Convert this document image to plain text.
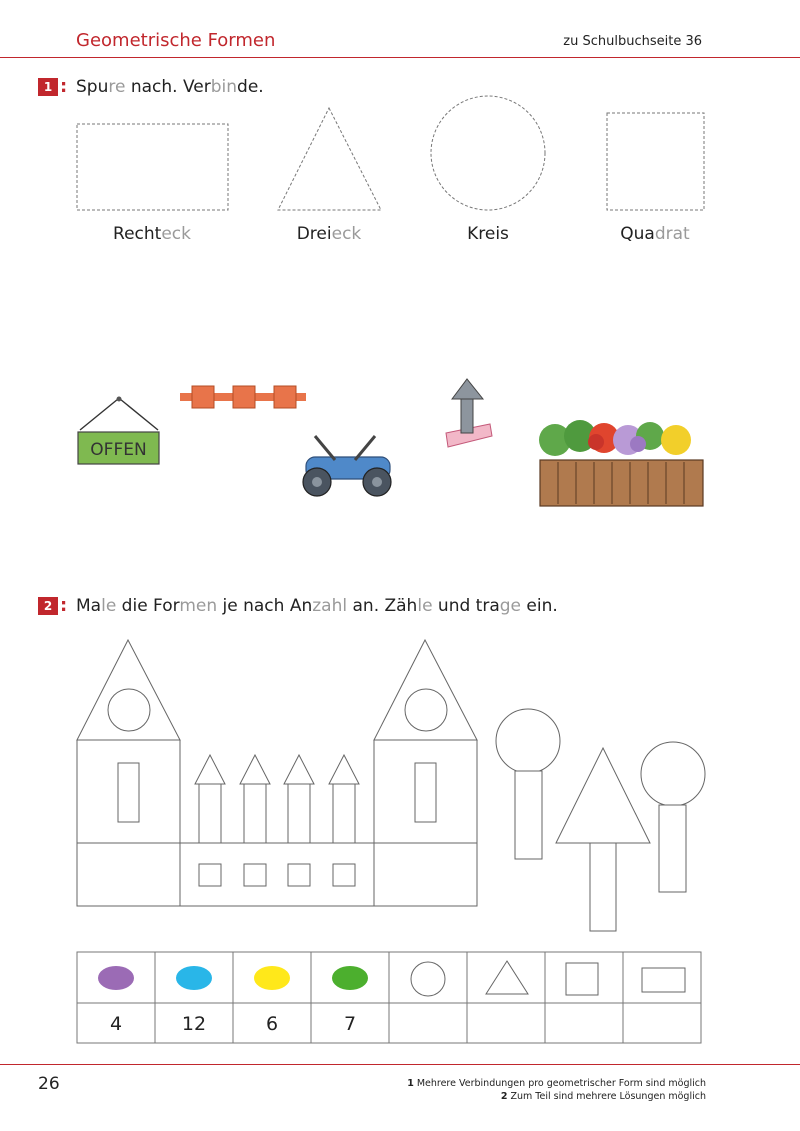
Geometrische Formen	zu Schulbuchseite 36
1 : Spure nach. Verbinde.
Rechteck	Dreieck	Kreis	Quadrat
OFFEN
2 : Male die Formen je nach Anzahl an. Zähle und trage ein.
4	12	6	7
26	1 Mehrere Verbindungen pro geometrischer Form sind möglich
2 Zum Teil sind mehrere Lösungen möglich
